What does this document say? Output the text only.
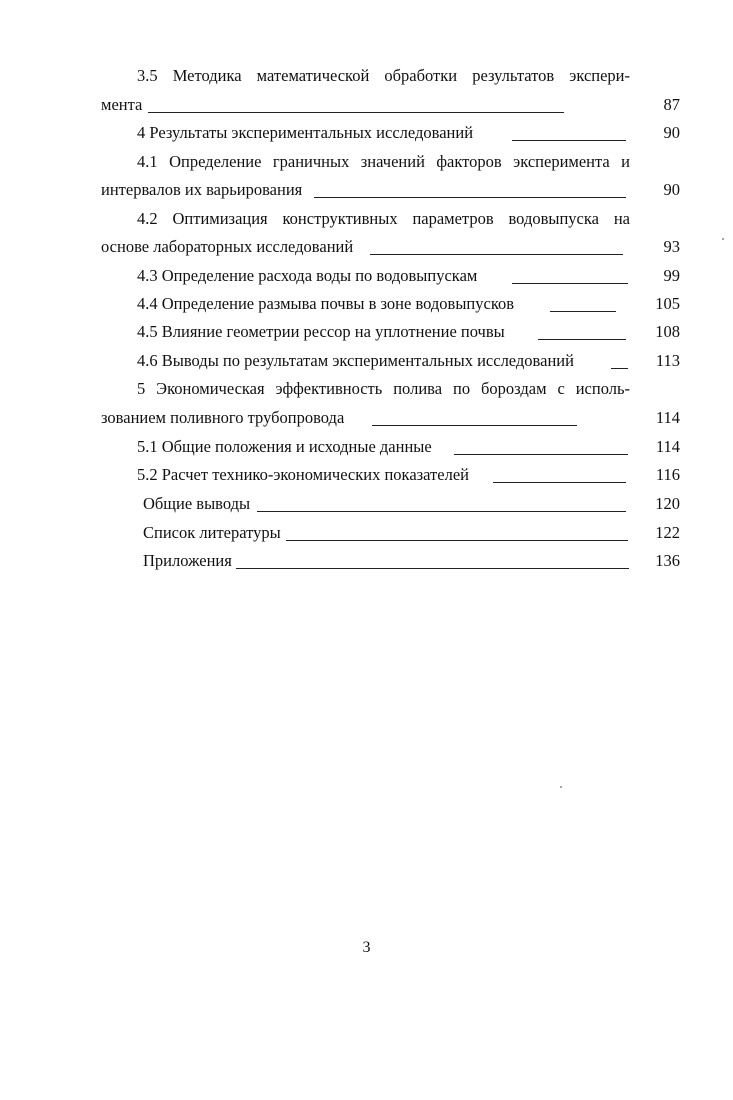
3.5 Методика математической обработки результатов экспери-
мента	87
4 Результаты экспериментальных исследований	90
4.1 Определение граничных значений факторов эксперимента и
интервалов их варьирования	90
4.2 Оптимизация конструктивных параметров водовыпуска на
основе лабораторных исследований	93
4.3 Определение расхода воды по водовыпускам	99
4.4 Определение размыва почвы в зоне водовыпусков	105
4.5 Влияние геометрии рессор на уплотнение почвы	108
4.6 Выводы по результатам экспериментальных исследований	113
5 Экономическая эффективность полива по бороздам с исполь-
зованием поливного трубопровода	114
5.1 Общие положения и исходные данные	114
5.2 Расчет технико-экономических показателей	116
Общие выводы	120
Список литературы	122
Приложения	136
3
